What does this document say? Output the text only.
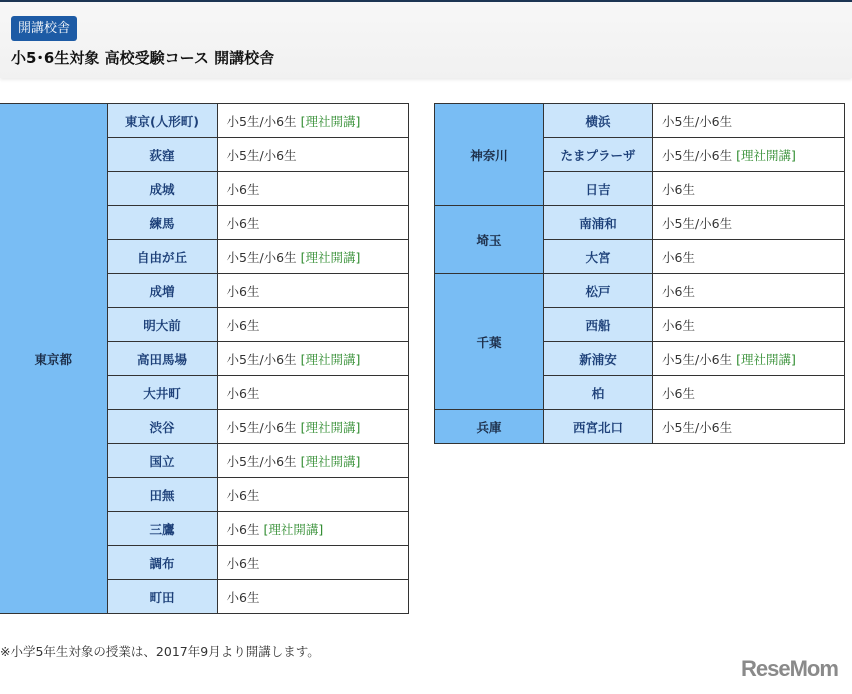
開講校舎
小5･6生対象 高校受験コース 開講校舎
東京都	東京(人形町)	小5生/小6生 [理社開講]
	荻窪	小5生/小6生
	成城	小6生
	練馬	小6生
	自由が丘	小5生/小6生 [理社開講]
	成増	小6生
	明大前	小6生
	高田馬場	小5生/小6生 [理社開講]
	大井町	小6生
	渋谷	小5生/小6生 [理社開講]
	国立	小5生/小6生 [理社開講]
	田無	小6生
	三鷹	小6生 [理社開講]
	調布	小6生
	町田	小6生
神奈川	横浜	小5生/小6生
	たまプラーザ	小5生/小6生 [理社開講]
	日吉	小6生
埼玉	南浦和	小5生/小6生
	大宮	小6生
千葉	松戸	小6生
	西船	小6生
	新浦安	小5生/小6生 [理社開講]
	柏	小6生
兵庫	西宮北口	小5生/小6生
※小学5年生対象の授業は、2017年9月より開講します。
ReseMom
